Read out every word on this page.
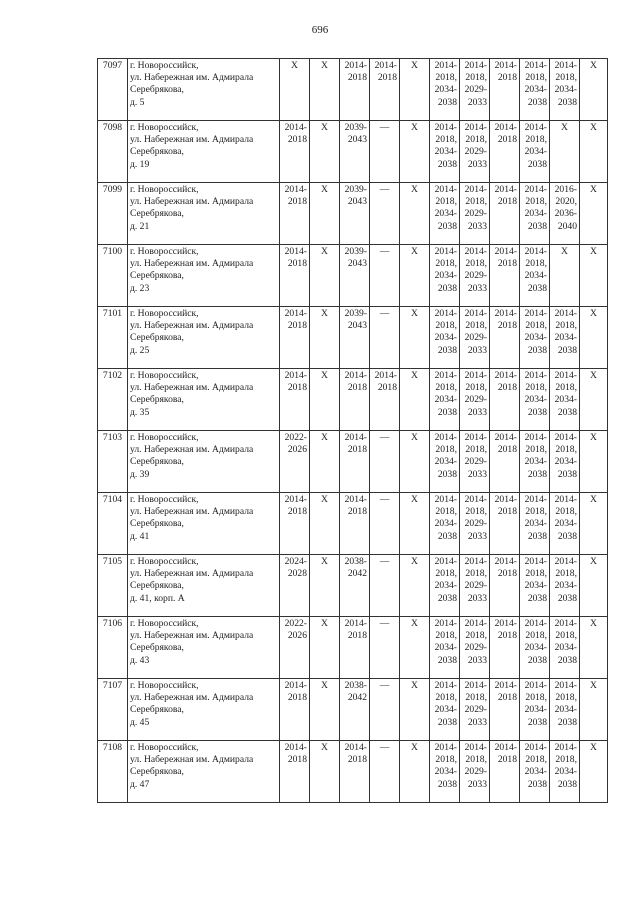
696
7097	г. Новороссийск,
ул. Набережная им. Адмирала
Серебрякова,
д. 5	Х	Х	2014-
2018	2014-
2018	Х	2014-
2018,
2034-
2038	2014-
2018,
2029-
2033	2014-
2018	2014-
2018,
2034-
2038	2014-
2018,
2034-
2038	Х
7098	г. Новороссийск,
ул. Набережная им. Адмирала
Серебрякова,
д. 19	2014-
2018	Х	2039-
2043	—	Х	2014-
2018,
2034-
2038	2014-
2018,
2029-
2033	2014-
2018	2014-
2018,
2034-
2038	Х	Х
7099	г. Новороссийск,
ул. Набережная им. Адмирала
Серебрякова,
д. 21	2014-
2018	Х	2039-
2043	—	Х	2014-
2018,
2034-
2038	2014-
2018,
2029-
2033	2014-
2018	2014-
2018,
2034-
2038	2016-
2020,
2036-
2040	Х
7100	г. Новороссийск,
ул. Набережная им. Адмирала
Серебрякова,
д. 23	2014-
2018	Х	2039-
2043	—	Х	2014-
2018,
2034-
2038	2014-
2018,
2029-
2033	2014-
2018	2014-
2018,
2034-
2038	Х	Х
7101	г. Новороссийск,
ул. Набережная им. Адмирала
Серебрякова,
д. 25	2014-
2018	Х	2039-
2043	—	Х	2014-
2018,
2034-
2038	2014-
2018,
2029-
2033	2014-
2018	2014-
2018,
2034-
2038	2014-
2018,
2034-
2038	Х
7102	г. Новороссийск,
ул. Набережная им. Адмирала
Серебрякова,
д. 35	2014-
2018	Х	2014-
2018	2014-
2018	Х	2014-
2018,
2034-
2038	2014-
2018,
2029-
2033	2014-
2018	2014-
2018,
2034-
2038	2014-
2018,
2034-
2038	Х
7103	г. Новороссийск,
ул. Набережная им. Адмирала
Серебрякова,
д. 39	2022-
2026	Х	2014-
2018	—	Х	2014-
2018,
2034-
2038	2014-
2018,
2029-
2033	2014-
2018	2014-
2018,
2034-
2038	2014-
2018,
2034-
2038	Х
7104	г. Новороссийск,
ул. Набережная им. Адмирала
Серебрякова,
д. 41	2014-
2018	Х	2014-
2018	—	Х	2014-
2018,
2034-
2038	2014-
2018,
2029-
2033	2014-
2018	2014-
2018,
2034-
2038	2014-
2018,
2034-
2038	Х
7105	г. Новороссийск,
ул. Набережная им. Адмирала
Серебрякова,
д. 41, корп. А	2024-
2028	Х	2038-
2042	—	Х	2014-
2018,
2034-
2038	2014-
2018,
2029-
2033	2014-
2018	2014-
2018,
2034-
2038	2014-
2018,
2034-
2038	Х
7106	г. Новороссийск,
ул. Набережная им. Адмирала
Серебрякова,
д. 43	2022-
2026	Х	2014-
2018	—	Х	2014-
2018,
2034-
2038	2014-
2018,
2029-
2033	2014-
2018	2014-
2018,
2034-
2038	2014-
2018,
2034-
2038	Х
7107	г. Новороссийск,
ул. Набережная им. Адмирала
Серебрякова,
д. 45	2014-
2018	Х	2038-
2042	—	Х	2014-
2018,
2034-
2038	2014-
2018,
2029-
2033	2014-
2018	2014-
2018,
2034-
2038	2014-
2018,
2034-
2038	Х
7108	г. Новороссийск,
ул. Набережная им. Адмирала
Серебрякова,
д. 47	2014-
2018	Х	2014-
2018	—	Х	2014-
2018,
2034-
2038	2014-
2018,
2029-
2033	2014-
2018	2014-
2018,
2034-
2038	2014-
2018,
2034-
2038	Х
